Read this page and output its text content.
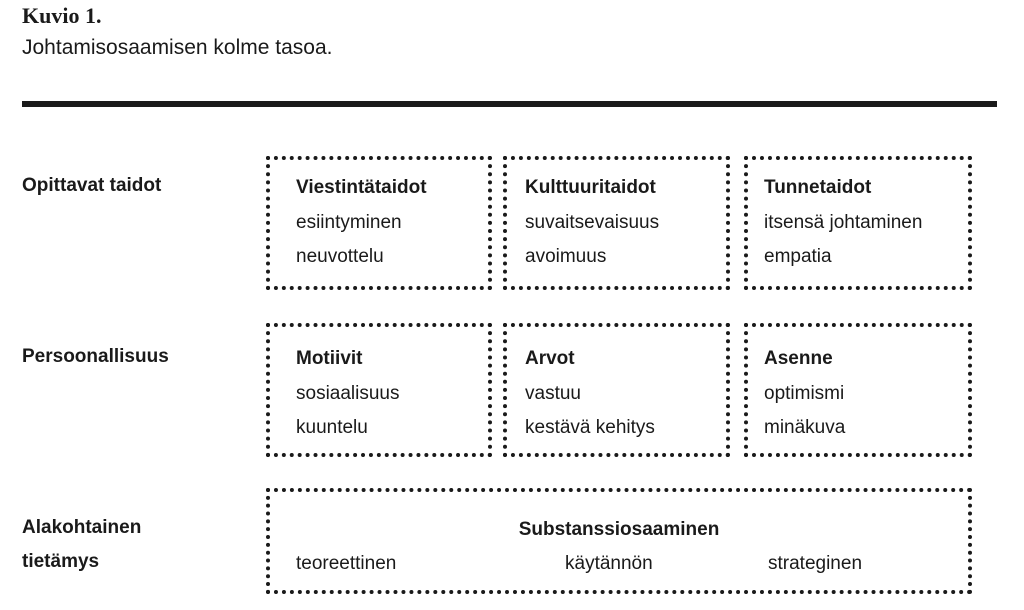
Kuvio 1.
Johtamisosaamisen kolme tasoa.
Opittavat taidot	Viestintätaidot
esiintyminen
neuvottelu
Kulttuuritaidot
suvaitsevaisuus
avoimuus
Tunnetaidot
itsensä johtaminen
empatia
Persoonallisuus	Motiivit
sosiaalisuus
kuuntelu
Arvot
vastuu
kestävä kehitys
Asenne
optimismi
minäkuva
Alakohtainen
tietämys
Substanssiosaaminen
teoreettinen	käytännön	strateginen
